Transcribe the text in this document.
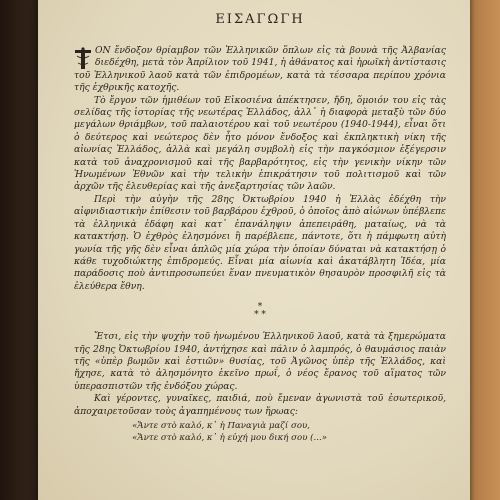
ΕΙΣΑΓΩΓΗ

ΟΝ ἔνδοξον θρίαμβον τῶν Ἑλληνικῶν ὅπλων εἰς τὰ βουνὰ τῆς Ἀλβανίας διεδέχθη, μετὰ τὸν Ἀπρίλιον τοῦ 1941, ἡ ἀθάνατος καὶ ἡρωϊκὴ ἀντίστασις τοῦ Ἑλληνικοῦ λαοῦ κατὰ τῶν ἐπιδρομέων, κατὰ τὰ τέσσαρα περίπου χρόνια τῆς ἐχθρικῆς κατοχῆς.

Τὸ ἔργον τῶν ἡμιθέων τοῦ Εἰκοσιένα ἀπέκτησεν, ἤδη, ὅμοιόν του εἰς τὰς σελίδας τῆς ἱστορίας τῆς νεωτέρας Ἑλλάδος, ἀλλ᾿ ἡ διαφορὰ μεταξὺ τῶν δύο μεγάλων θριάμβων, τοῦ παλαιοτέρου καὶ τοῦ νεωτέρου (1940-1944), εἶναι ὅτι ὁ δεύτερος καὶ νεώτερος δὲν ἦτο μόνον ἔνδοξος καὶ ἐκπληκτικὴ νίκη τῆς αἰωνίας Ἑλλάδος, ἀλλὰ καὶ μεγάλη συμβολὴ εἰς τὴν παγκόσμιον ἐξέγερσιν κατὰ τοῦ ἀναχρονισμοῦ καὶ τῆς βαρβαρότητος, εἰς τὴν γενικὴν νίκην τῶν Ἡνωμένων Ἐθνῶν καὶ τὴν τελικὴν ἐπικράτησιν τοῦ πολιτισμοῦ καὶ τῶν ἀρχῶν τῆς ἐλευθερίας καὶ τῆς ἀνεξαρτησίας τῶν λαῶν.

Περὶ τὴν αὐγὴν τῆς 28ης Ὀκτωβρίου 1940 ἡ Ἑλλὰς ἐδέχθη τὴν αἰφνιδιαστικὴν ἐπίθεσιν τοῦ βαρβάρου ἐχθροῦ, ὁ ὁποῖος ἀπὸ αἰώνων ὑπέβλεπε τὰ ἑλληνικὰ ἐδάφη καὶ κατ᾿ ἐπανάληψιν ἀπεπειράθη, ματαίως, νὰ τὰ κατακτήσῃ. Ὁ ἐχθρὸς ἐλησμόνει ἢ παρέβλεπε, πάντοτε, ὅτι ἡ πάμφωτη αὐτὴ γωνία τῆς γῆς δὲν εἶναι ἁπλῶς μία χώρα τὴν ὁποίαν δύναται νὰ κατακτήσῃ ὁ κάθε τυχοδιώκτης ἐπιδρομεύς. Εἶναι μία αἰωνία καὶ ἀκατάβλητη Ἰδέα, μία παράδοσις ποὺ ἀντιπροσωπεύει ἕναν πνευματικὸν θησαυρὸν προσφιλῆ εἰς τὰ ἐλεύθερα ἔθνη.

*
* *

Ἔτσι, εἰς τὴν ψυχὴν τοῦ ἡνωμένου Ἑλληνικοῦ λαοῦ, κατὰ τὰ ξημερώματα τῆς 28ης Ὀκτωβρίου 1940, ἀντήχησε καὶ πάλιν ὁ λαμπρός, ὁ θαυμάσιος παιὰν τῆς «ὑπὲρ βωμῶν καὶ ἑστιῶν» θυσίας, τοῦ Ἀγῶνος ὑπὲρ τῆς Ἑλλάδος, καὶ ἤχησε, κατὰ τὸ ἀλησμόνητο ἐκεῖνο πρωΐ, ὁ νέος ἔρανος τοῦ αἵματος τῶν ὑπερασπιστῶν τῆς ἐνδόξου χώρας.

Καὶ γέροντες, γυναῖκες, παιδιά, ποὺ ἔμεναν ἀγωνιστὰ τοῦ ἐσωτερικοῦ, ἀποχαιρετοῦσαν τοὺς ἀγαπημένους των ἥρωας:

«Ἄντε στὸ καλό, κ᾿ ἡ Παναγιὰ μαζί σου,
«Ἄντε στὸ καλό, κ᾿ ἡ εὐχή μου δική σου (...»
